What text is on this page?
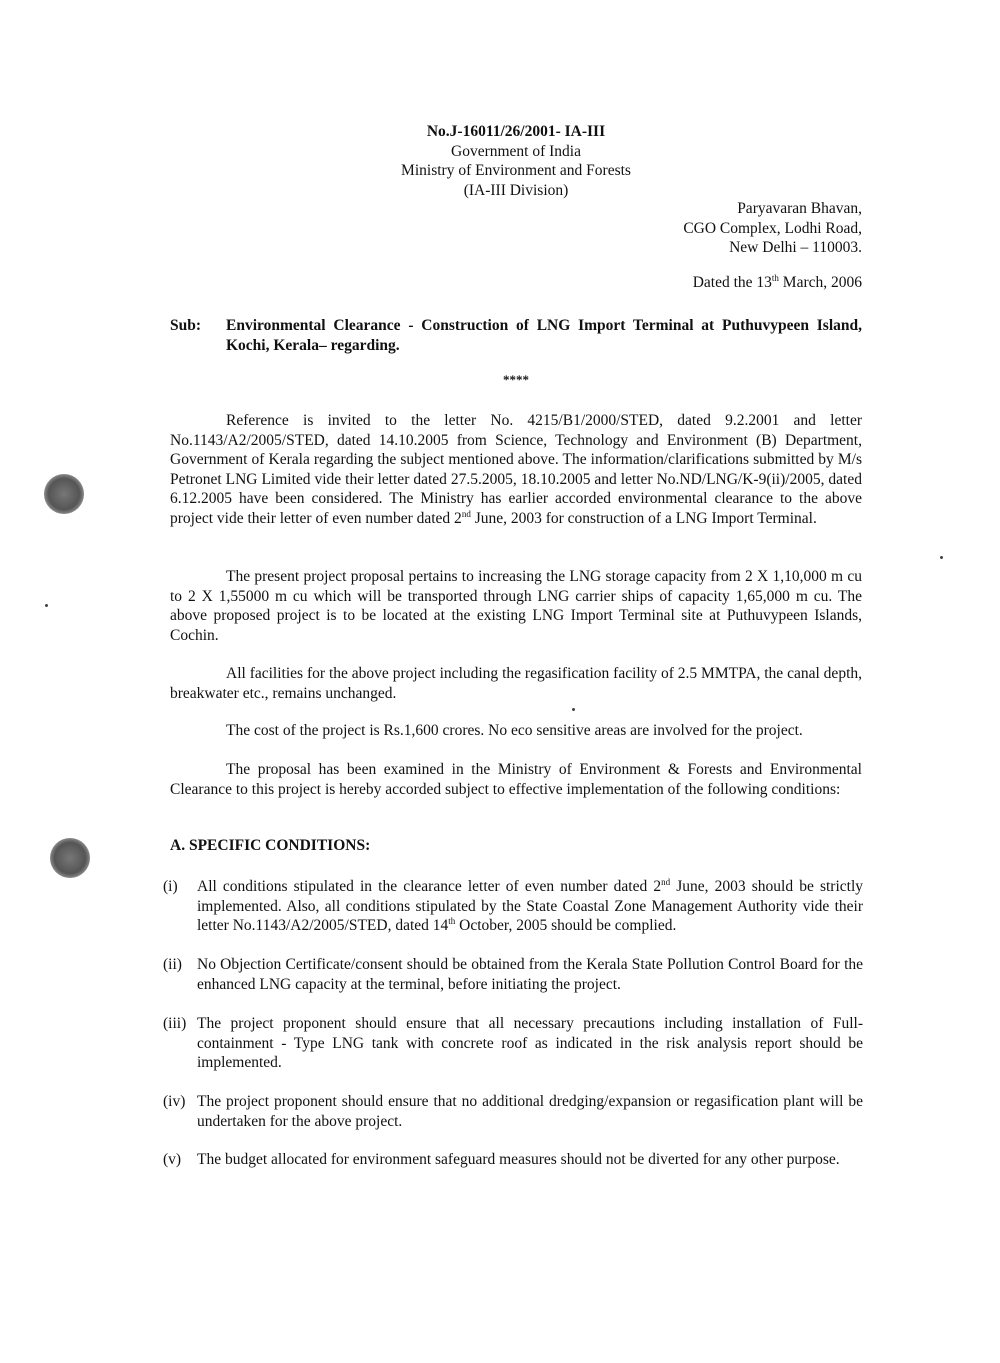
No.J-16011/26/2001- IA-III
Government of India
Ministry of Environment and Forests
(IA-III Division)
Paryavaran Bhavan,
CGO Complex, Lodhi Road,
New Delhi – 110003.
Dated the 13th March, 2006
Sub: Environmental Clearance - Construction of LNG Import Terminal at Puthuvypeen Island, Kochi, Kerala– regarding.
****
Reference is invited to the letter No. 4215/B1/2000/STED, dated 9.2.2001 and letter No.1143/A2/2005/STED, dated 14.10.2005 from Science, Technology and Environment (B) Department, Government of Kerala regarding the subject mentioned above. The information/clarifications submitted by M/s Petronet LNG Limited vide their letter dated 27.5.2005, 18.10.2005 and letter No.ND/LNG/K-9(ii)/2005, dated 6.12.2005 have been considered. The Ministry has earlier accorded environmental clearance to the above project vide their letter of even number dated 2nd June, 2003 for construction of a LNG Import Terminal.
The present project proposal pertains to increasing the LNG storage capacity from 2 X 1,10,000 m cu to 2 X 1,55000 m cu which will be transported through LNG carrier ships of capacity 1,65,000 m cu. The above proposed project is to be located at the existing LNG Import Terminal site at Puthuvypeen Islands, Cochin.
All facilities for the above project including the regasification facility of 2.5 MMTPA, the canal depth, breakwater etc., remains unchanged.
The cost of the project is Rs.1,600 crores. No eco sensitive areas are involved for the project.
The proposal has been examined in the Ministry of Environment & Forests and Environmental Clearance to this project is hereby accorded subject to effective implementation of the following conditions:
A. SPECIFIC CONDITIONS:
(i) All conditions stipulated in the clearance letter of even number dated 2nd June, 2003 should be strictly implemented. Also, all conditions stipulated by the State Coastal Zone Management Authority vide their letter No.1143/A2/2005/STED, dated 14th October, 2005 should be complied.
(ii) No Objection Certificate/consent should be obtained from the Kerala State Pollution Control Board for the enhanced LNG capacity at the terminal, before initiating the project.
(iii) The project proponent should ensure that all necessary precautions including installation of Full-containment - Type LNG tank with concrete roof as indicated in the risk analysis report should be implemented.
(iv) The project proponent should ensure that no additional dredging/expansion or regasification plant will be undertaken for the above project.
(v) The budget allocated for environment safeguard measures should not be diverted for any other purpose.
